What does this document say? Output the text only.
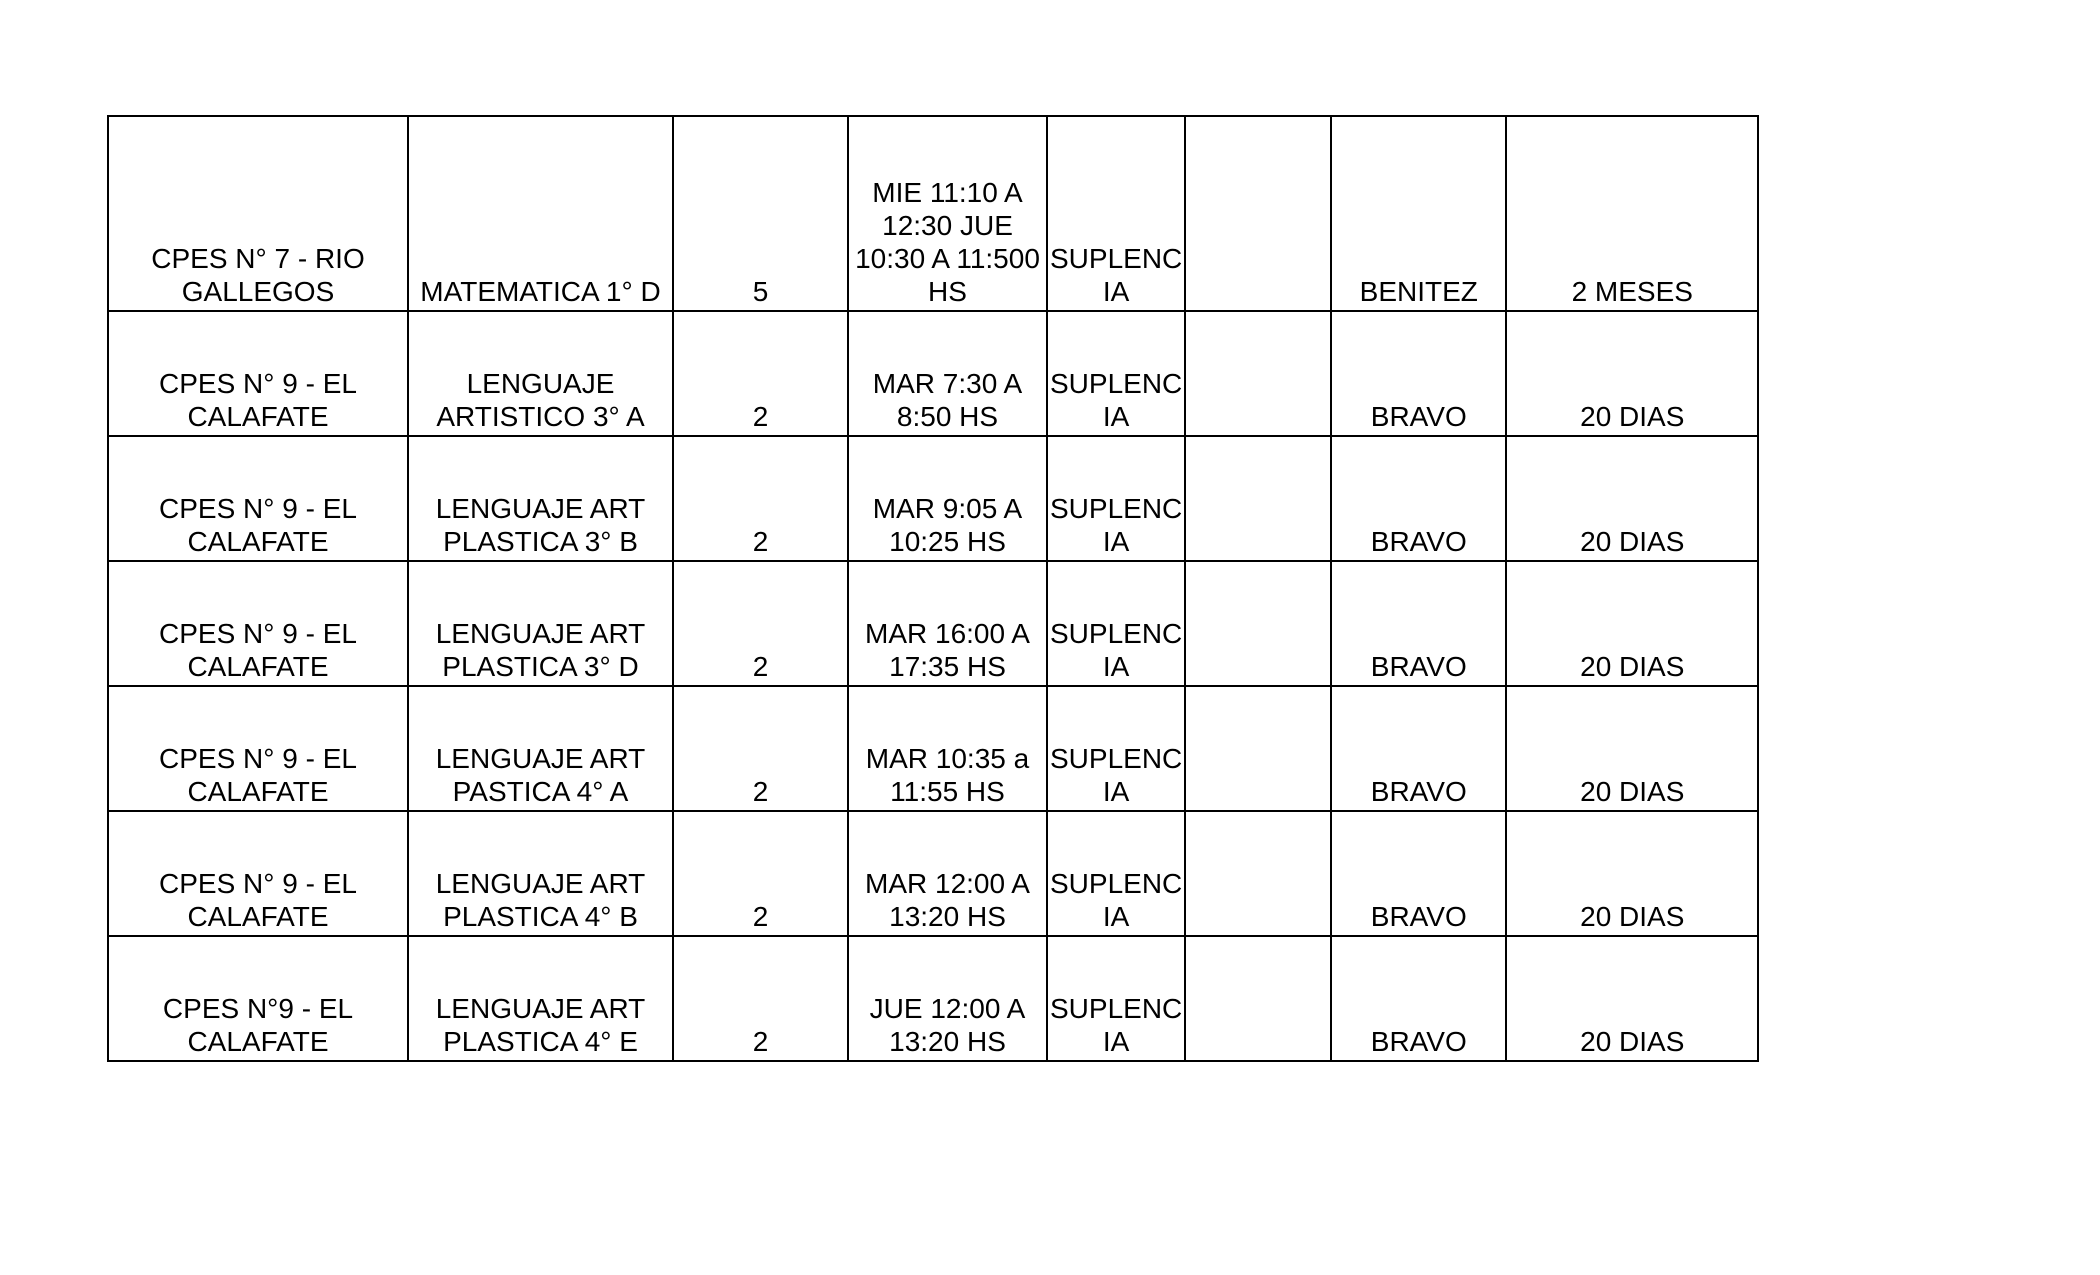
CPES N° 7 - RIO
GALLEGOS	MATEMATICA 1° D	5	MIE 11:10 A
12:30 JUE
10:30 A 11:500
HS	SUPLENC
IA		BENITEZ	2 MESES
CPES N° 9 - EL
CALAFATE	LENGUAJE
ARTISTICO 3° A	2	MAR 7:30 A
8:50 HS	SUPLENC
IA		BRAVO	20 DIAS
CPES N° 9 - EL
CALAFATE	LENGUAJE ART
PLASTICA 3° B	2	MAR 9:05 A
10:25 HS	SUPLENC
IA		BRAVO	20 DIAS
CPES N° 9 - EL
CALAFATE	LENGUAJE ART
PLASTICA 3° D	2	MAR 16:00 A
17:35 HS	SUPLENC
IA		BRAVO	20 DIAS
CPES N° 9 - EL
CALAFATE	LENGUAJE ART
PASTICA 4° A	2	MAR 10:35 a
11:55 HS	SUPLENC
IA		BRAVO	20 DIAS
CPES N° 9 - EL
CALAFATE	LENGUAJE ART
PLASTICA 4° B	2	MAR 12:00 A
13:20 HS	SUPLENC
IA		BRAVO	20 DIAS
CPES N°9 - EL
CALAFATE	LENGUAJE ART
PLASTICA 4° E	2	JUE 12:00 A
13:20 HS	SUPLENC
IA		BRAVO	20 DIAS
